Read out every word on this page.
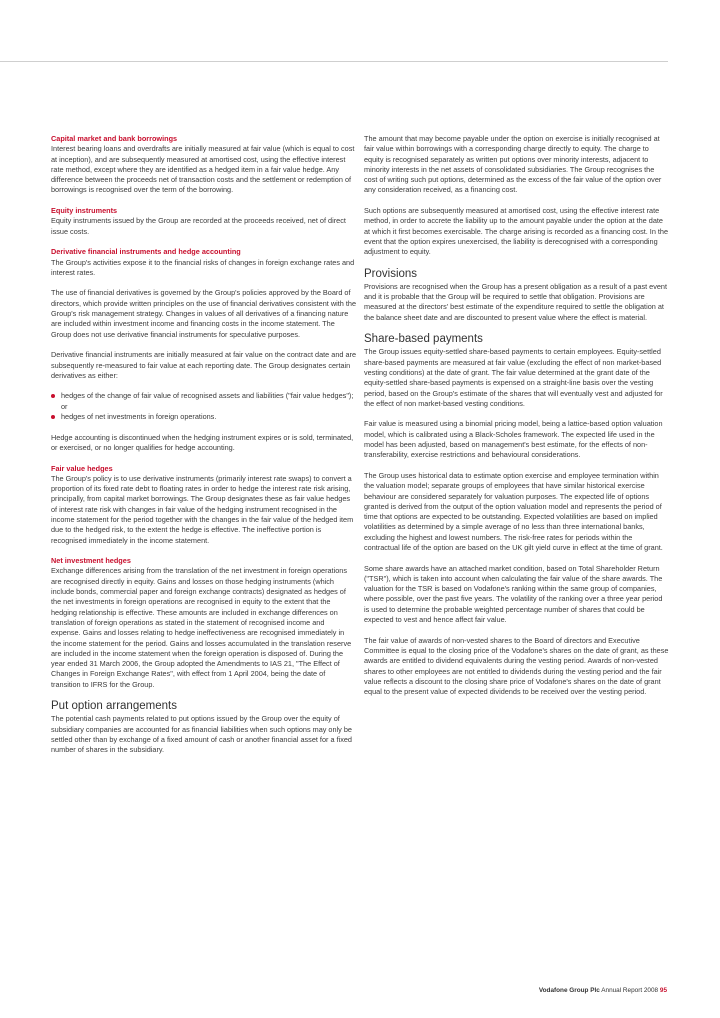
Capital market and bank borrowings

Interest bearing loans and overdrafts are initially measured at fair value (which is equal to cost at inception), and are subsequently measured at amortised cost, using the effective interest rate method, except where they are identified as a hedged item in a fair value hedge. Any difference between the proceeds net of transaction costs and the settlement or redemption of borrowings is recognised over the term of the borrowing.

Equity instruments

Equity instruments issued by the Group are recorded at the proceeds received, net of direct issue costs.

Derivative financial instruments and hedge accounting

The Group's activities expose it to the financial risks of changes in foreign exchange rates and interest rates.

The use of financial derivatives is governed by the Group's policies approved by the Board of directors, which provide written principles on the use of financial derivatives consistent with the Group's risk management strategy. Changes in values of all derivatives of a financing nature are included within investment income and financing costs in the income statement. The Group does not use derivative financial instruments for speculative purposes.

Derivative financial instruments are initially measured at fair value on the contract date and are subsequently re-measured to fair value at each reporting date. The Group designates certain derivatives as either:

hedges of the change of fair value of recognised assets and liabilities ("fair value hedges"); or
hedges of net investments in foreign operations.

Hedge accounting is discontinued when the hedging instrument expires or is sold, terminated, or exercised, or no longer qualifies for hedge accounting.

Fair value hedges

The Group's policy is to use derivative instruments (primarily interest rate swaps) to convert a proportion of its fixed rate debt to floating rates in order to hedge the interest rate risk arising, principally, from capital market borrowings. The Group designates these as fair value hedges of interest rate risk with changes in fair value of the hedging instrument recognised in the income statement for the period together with the changes in the fair value of the hedged item due to the hedged risk, to the extent the hedge is effective. The ineffective portion is recognised immediately in the income statement.

Net investment hedges

Exchange differences arising from the translation of the net investment in foreign operations are recognised directly in equity. Gains and losses on those hedging instruments (which include bonds, commercial paper and foreign exchange contracts) designated as hedges of the net investments in foreign operations are recognised in equity to the extent that the hedging relationship is effective. These amounts are included in exchange differences on translation of foreign operations as stated in the statement of recognised income and expense. Gains and losses relating to hedge ineffectiveness are recognised immediately in the income statement for the period. Gains and losses accumulated in the translation reserve are included in the income statement when the foreign operation is disposed of. During the year ended 31 March 2006, the Group adopted the Amendments to IAS 21, "The Effect of Changes in Foreign Exchange Rates", with effect from 1 April 2004, being the date of transition to IFRS for the Group.

Put option arrangements

The potential cash payments related to put options issued by the Group over the equity of subsidiary companies are accounted for as financial liabilities when such options may only be settled other than by exchange of a fixed amount of cash or another financial asset for a fixed number of shares in the subsidiary.

The amount that may become payable under the option on exercise is initially recognised at fair value within borrowings with a corresponding charge directly to equity. The charge to equity is recognised separately as written put options over minority interests, adjacent to minority interests in the net assets of consolidated subsidiaries. The Group recognises the cost of writing such put options, determined as the excess of the fair value of the option over any consideration received, as a financing cost.

Such options are subsequently measured at amortised cost, using the effective interest rate method, in order to accrete the liability up to the amount payable under the option at the date at which it first becomes exercisable. The charge arising is recorded as a financing cost. In the event that the option expires unexercised, the liability is derecognised with a corresponding adjustment to equity.

Provisions

Provisions are recognised when the Group has a present obligation as a result of a past event and it is probable that the Group will be required to settle that obligation. Provisions are measured at the directors' best estimate of the expenditure required to settle the obligation at the balance sheet date and are discounted to present value where the effect is material.

Share-based payments

The Group issues equity-settled share-based payments to certain employees. Equity-settled share-based payments are measured at fair value (excluding the effect of non market-based vesting conditions) at the date of grant. The fair value determined at the grant date of the equity-settled share-based payments is expensed on a straight-line basis over the vesting period, based on the Group's estimate of the shares that will eventually vest and adjusted for the effect of non market-based vesting conditions.

Fair value is measured using a binomial pricing model, being a lattice-based option valuation model, which is calibrated using a Black-Scholes framework. The expected life used in the model has been adjusted, based on management's best estimate, for the effects of non-transferability, exercise restrictions and behavioural considerations.

The Group uses historical data to estimate option exercise and employee termination within the valuation model; separate groups of employees that have similar historical exercise behaviour are considered separately for valuation purposes. The expected life of options granted is derived from the output of the option valuation model and represents the period of time that options are expected to be outstanding. Expected volatilities are based on implied volatilities as determined by a simple average of no less than three international banks, excluding the highest and lowest numbers. The risk-free rates for periods within the contractual life of the option are based on the UK gilt yield curve in effect at the time of grant.

Some share awards have an attached market condition, based on Total Shareholder Return ("TSR"), which is taken into account when calculating the fair value of the share awards. The valuation for the TSR is based on Vodafone's ranking within the same group of companies, where possible, over the past five years. The volatility of the ranking over a three year period is used to determine the probable weighted percentage number of shares that could be expected to vest and hence affect fair value.

The fair value of awards of non-vested shares to the Board of directors and Executive Committee is equal to the closing price of the Vodafone's shares on the date of grant, as these awards are entitled to dividend equivalents during the vesting period. Awards of non-vested shares to other employees are not entitled to dividends during the vesting period and the fair value reflects a discount to the closing share price of Vodafone's shares on the date of grant equal to the present value of expected dividends to be received over the vesting period.

Vodafone Group Plc Annual Report 2008 95
